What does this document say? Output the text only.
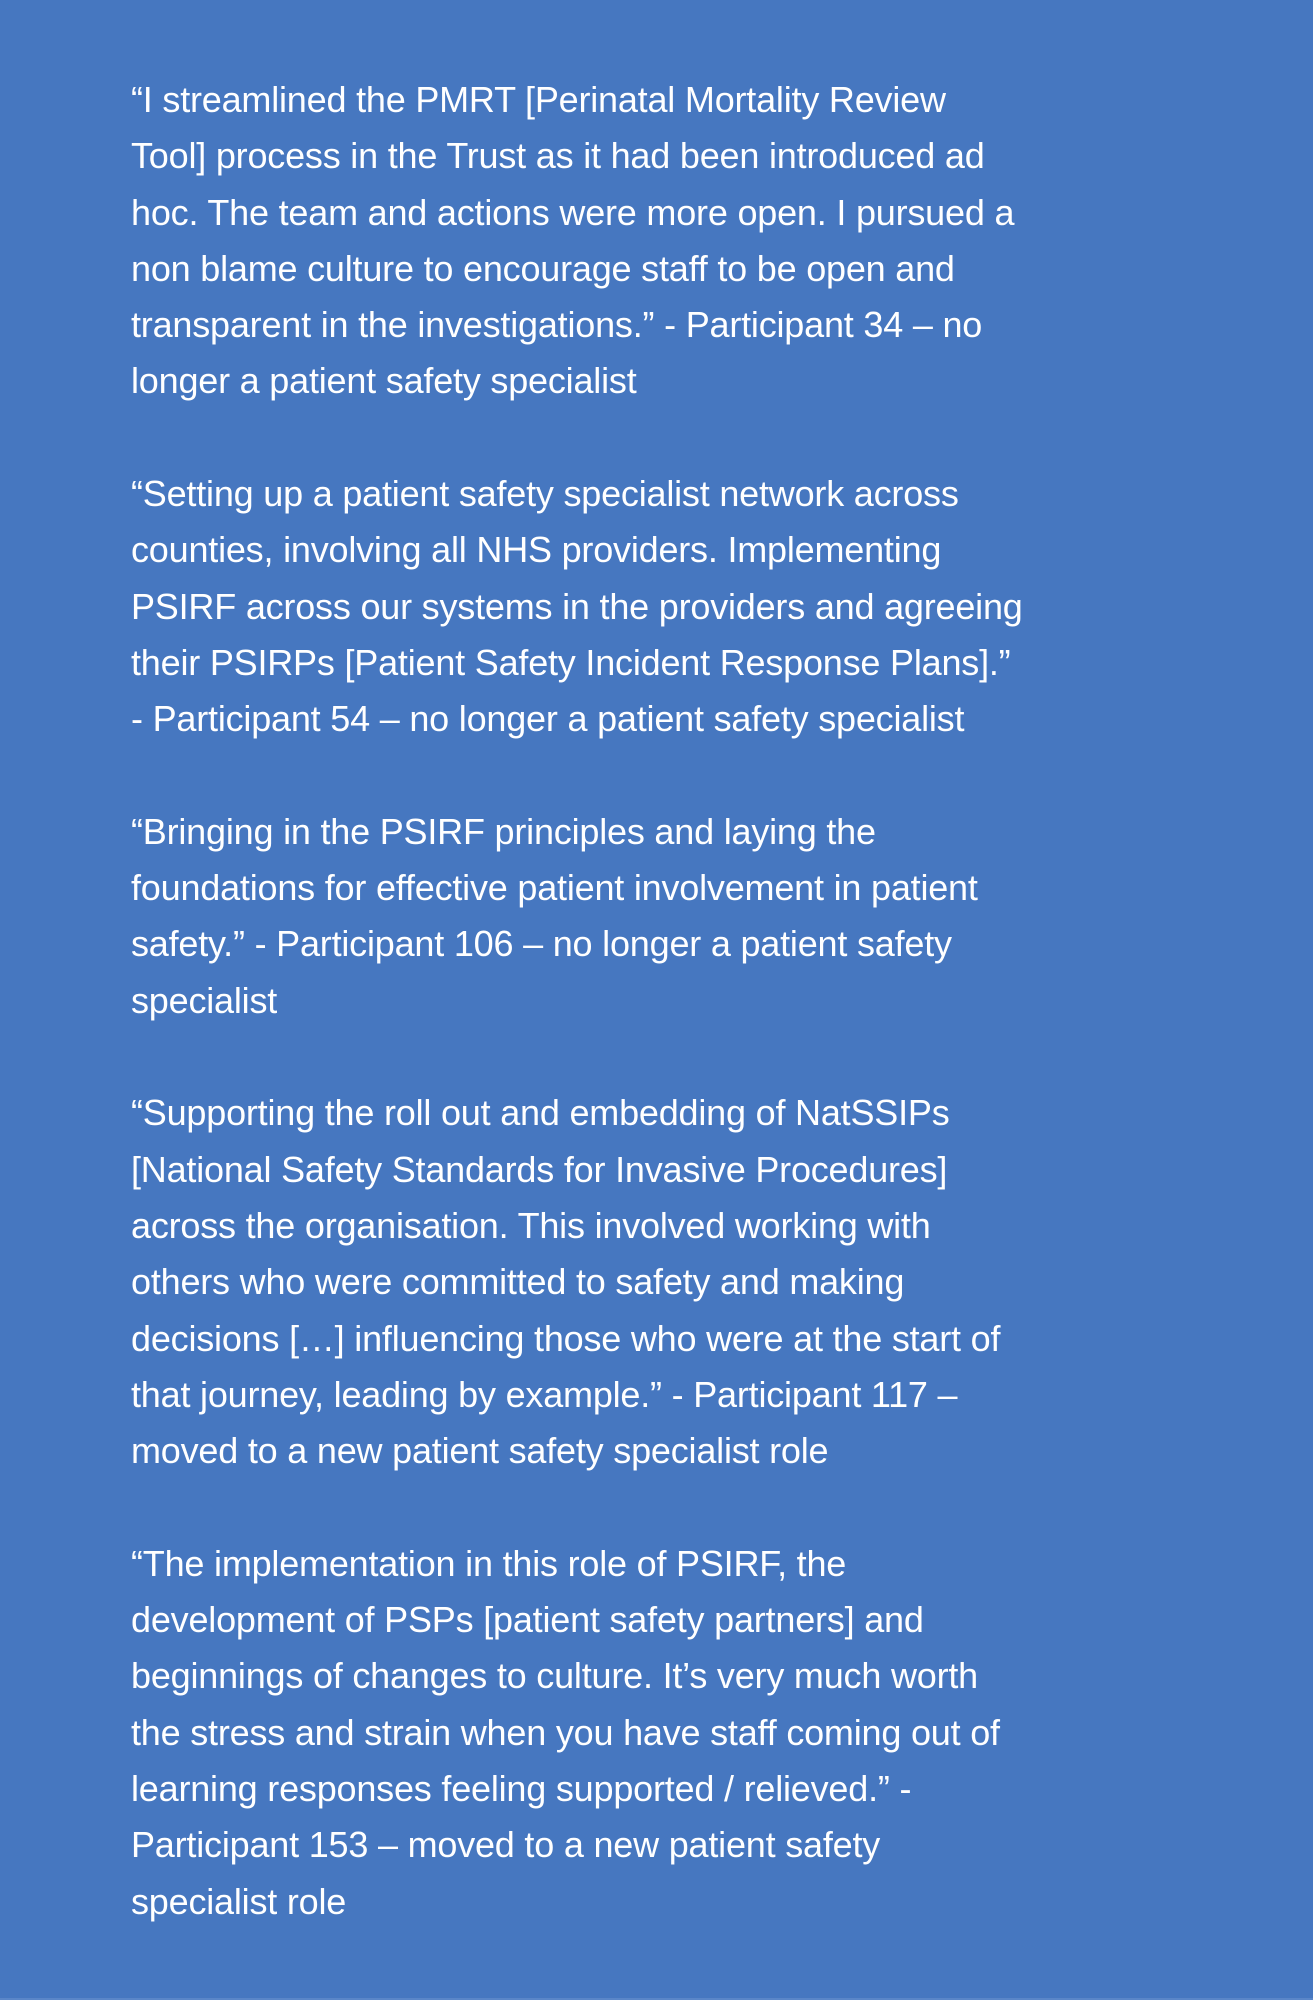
“I streamlined the PMRT [Perinatal Mortality Review
Tool] process in the Trust as it had been introduced ad
hoc. The team and actions were more open. I pursued a
non blame culture to encourage staff to be open and
transparent in the investigations.” - Participant 34 – no
longer a patient safety specialist

“Setting up a patient safety specialist network across
counties, involving all NHS providers. Implementing
PSIRF across our systems in the providers and agreeing
their PSIRPs [Patient Safety Incident Response Plans].”
- Participant 54 – no longer a patient safety specialist

“Bringing in the PSIRF principles and laying the
foundations for effective patient involvement in patient
safety.” - Participant 106 – no longer a patient safety
specialist

“Supporting the roll out and embedding of NatSSIPs
[National Safety Standards for Invasive Procedures]
across the organisation. This involved working with
others who were committed to safety and making
decisions […] influencing those who were at the start of
that journey, leading by example.” - Participant 117 –
moved to a new patient safety specialist role

“The implementation in this role of PSIRF, the
development of PSPs [patient safety partners] and
beginnings of changes to culture. It’s very much worth
the stress and strain when you have staff coming out of
learning responses feeling supported / relieved.” -
Participant 153 – moved to a new patient safety
specialist role
